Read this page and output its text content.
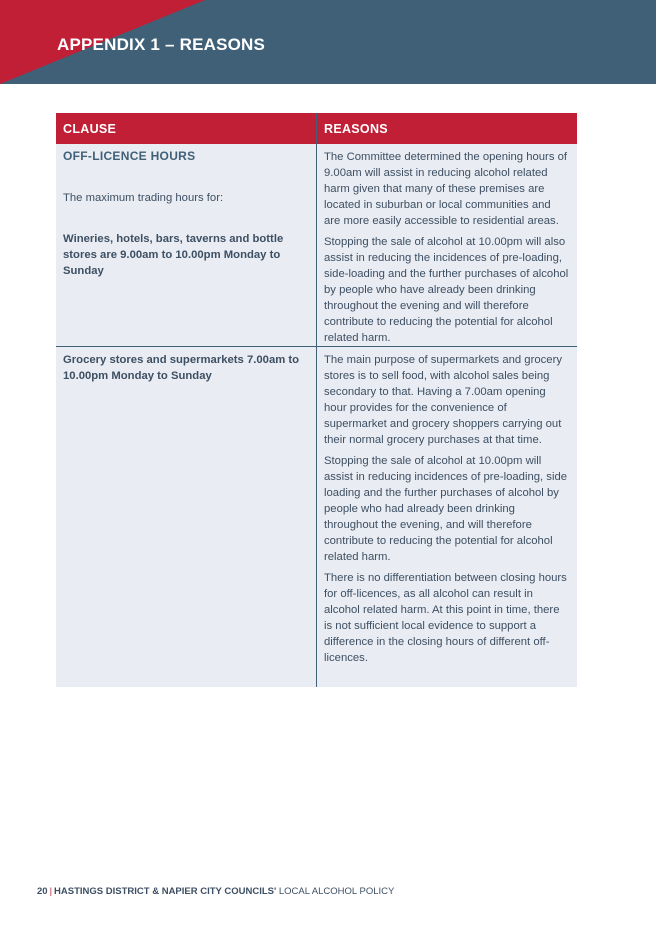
APPENDIX 1 – REASONS
CLAUSE	REASONS
OFF-LICENCE HOURS

The maximum trading hours for:

Wineries, hotels, bars, taverns and bottle stores are 9.00am to 10.00pm Monday to Sunday

The Committee determined the opening hours of 9.00am will assist in reducing alcohol related harm given that many of these premises are located in suburban or local communities and are more easily accessible to residential areas.

Stopping the sale of alcohol at 10.00pm will also assist in reducing the incidences of pre-loading, side-loading and the further purchases of alcohol by people who have already been drinking throughout the evening and will therefore contribute to reducing the potential for alcohol related harm.

Grocery stores and supermarkets 7.00am to 10.00pm Monday to Sunday

The main purpose of supermarkets and grocery stores is to sell food, with alcohol sales being secondary to that. Having a 7.00am opening hour provides for the convenience of supermarket and grocery shoppers carrying out their normal grocery purchases at that time.

Stopping the sale of alcohol at 10.00pm will assist in reducing incidences of pre-loading, side loading and the further purchases of alcohol by people who had already been drinking throughout the evening, and will therefore contribute to reducing the potential for alcohol related harm.

There is no differentiation between closing hours for off-licences, as all alcohol can result in alcohol related harm. At this point in time, there is not sufficient local evidence to support a difference in the closing hours of different off-licences.

20 | HASTINGS DISTRICT & NAPIER CITY COUNCILS' LOCAL ALCOHOL POLICY
